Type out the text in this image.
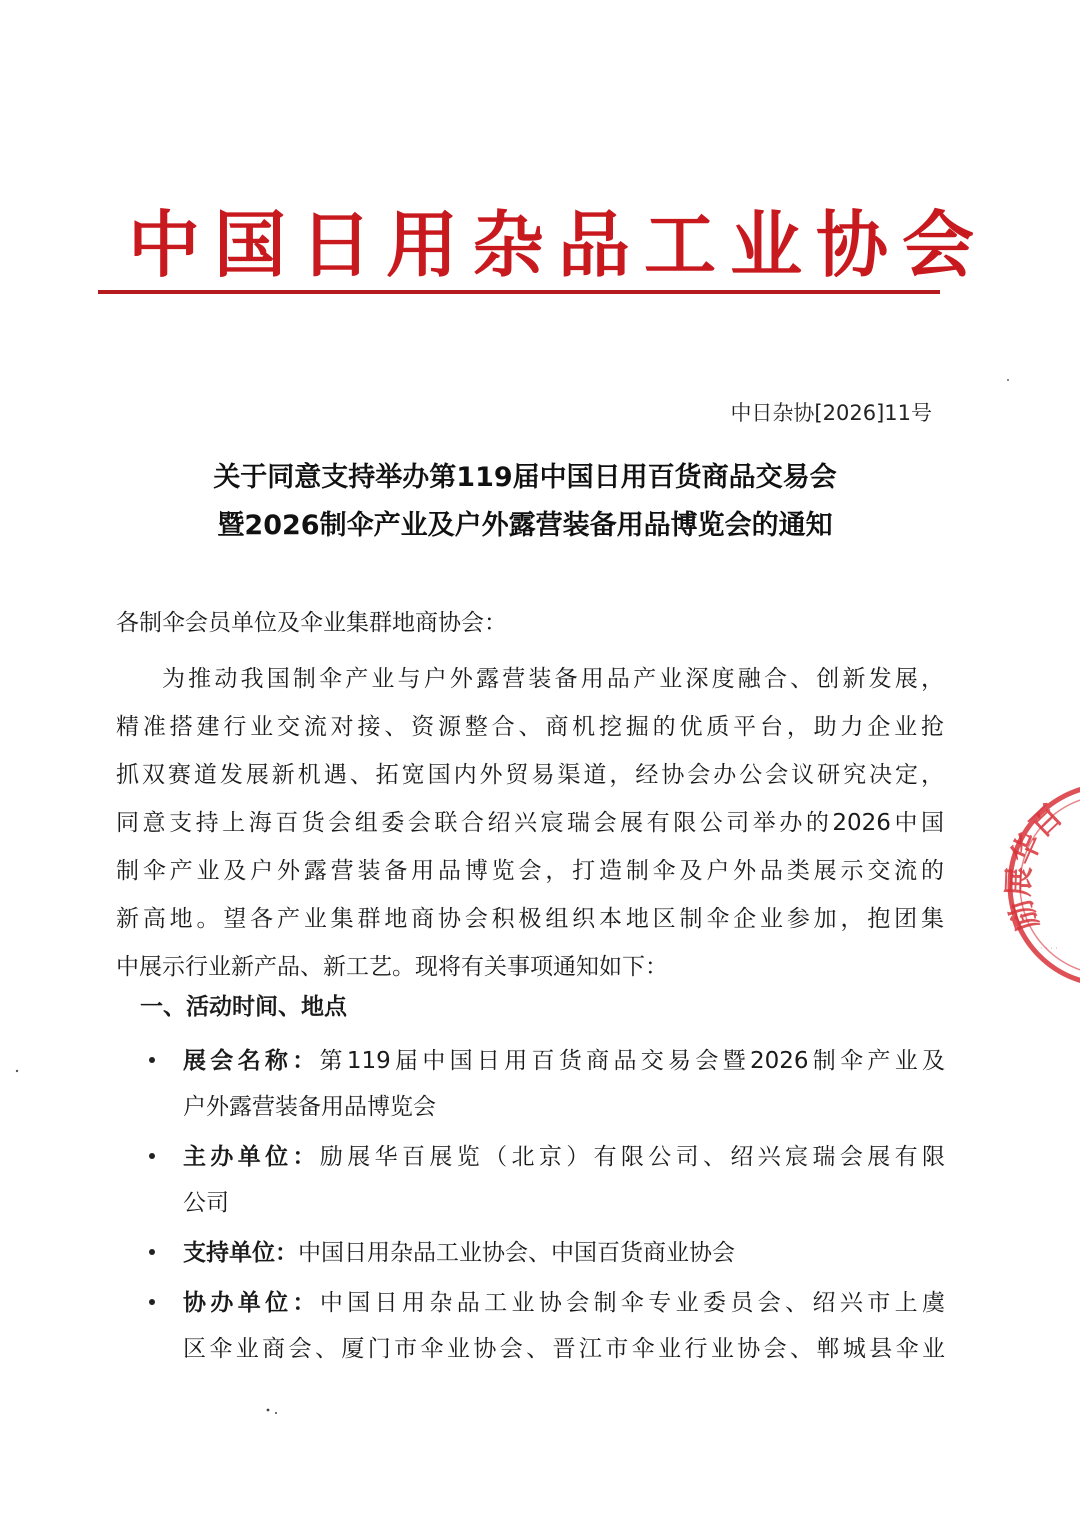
中国日用杂品工业协会
中日杂协[2026]11号
关于同意支持举办第119届中国日用百货商品交易会
暨2026制伞产业及户外露营装备用品博览会的通知
各制伞会员单位及伞业集群地商协会：
为推动我国制伞产业与户外露营装备用品产业深度融合、创新发展，
精准搭建行业交流对接、资源整合、商机挖掘的优质平台，助力企业抢
抓双赛道发展新机遇、拓宽国内外贸易渠道，经协会办公会议研究决定，
同意支持上海百货会组委会联合绍兴宸瑞会展有限公司举办的2026中国
制伞产业及户外露营装备用品博览会，打造制伞及户外品类展示交流的
新高地。望各产业集群地商协会积极组织本地区制伞企业参加，抱团集
中展示行业新产品、新工艺。现将有关事项通知如下：
一、活动时间、地点
展会名称：第119届中国日用百货商品交易会暨2026制伞产业及
户外露营装备用品博览会
主办单位：励展华百展览（北京）有限公司、绍兴宸瑞会展有限
公司
支持单位：中国日用杂品工业协会、中国百货商业协会
协办单位：中国日用杂品工业协会制伞专业委员会、绍兴市上虞
区伞业商会、厦门市伞业协会、晋江市伞业行业协会、郸城县伞业
励展华百
· · · ·
